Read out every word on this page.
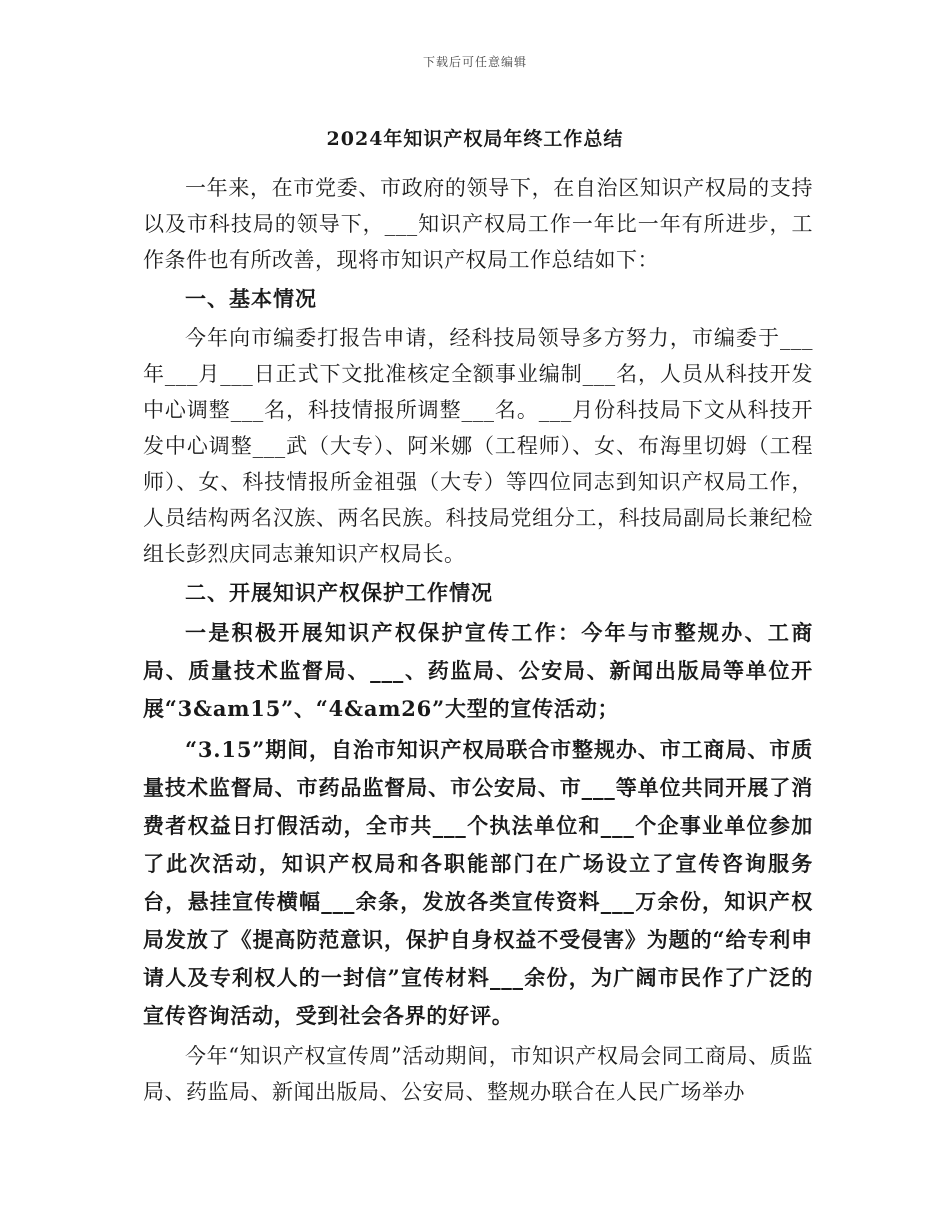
下载后可任意编辑
2024年知识产权局年终工作总结

一年来，在市党委、市政府的领导下，在自治区知识产权局的支持以及市科技局的领导下，___知识产权局工作一年比一年有所进步，工作条件也有所改善，现将市知识产权局工作总结如下：

一、基本情况

今年向市编委打报告申请，经科技局领导多方努力，市编委于___年___月___日正式下文批准核定全额事业编制___名，人员从科技开发中心调整___名，科技情报所调整___名。___月份科技局下文从科技开发中心调整___武（大专）、阿米娜（工程师）、女、布海里切姆（工程师）、女、科技情报所金祖强（大专）等四位同志到知识产权局工作，人员结构两名汉族、两名民族。科技局党组分工，科技局副局长兼纪检组长彭烈庆同志兼知识产权局长。

二、开展知识产权保护工作情况

一是积极开展知识产权保护宣传工作：今年与市整规办、工商局、质量技术监督局、___、药监局、公安局、新闻出版局等单位开展“3&am15”、“4&am26”大型的宣传活动；

“3.15”期间，自治市知识产权局联合市整规办、市工商局、市质量技术监督局、市药品监督局、市公安局、市___等单位共同开展了消费者权益日打假活动，全市共___个执法单位和___个企事业单位参加了此次活动，知识产权局和各职能部门在广场设立了宣传咨询服务台，悬挂宣传横幅___余条，发放各类宣传资料___万余份，知识产权局发放了《提高防范意识，保护自身权益不受侵害》为题的“给专利申请人及专利权人的一封信”宣传材料___余份，为广阔市民作了广泛的宣传咨询活动，受到社会各界的好评。

今年“知识产权宣传周”活动期间，市知识产权局会同工商局、质监局、药监局、新闻出版局、公安局、整规办联合在人民广场举办
